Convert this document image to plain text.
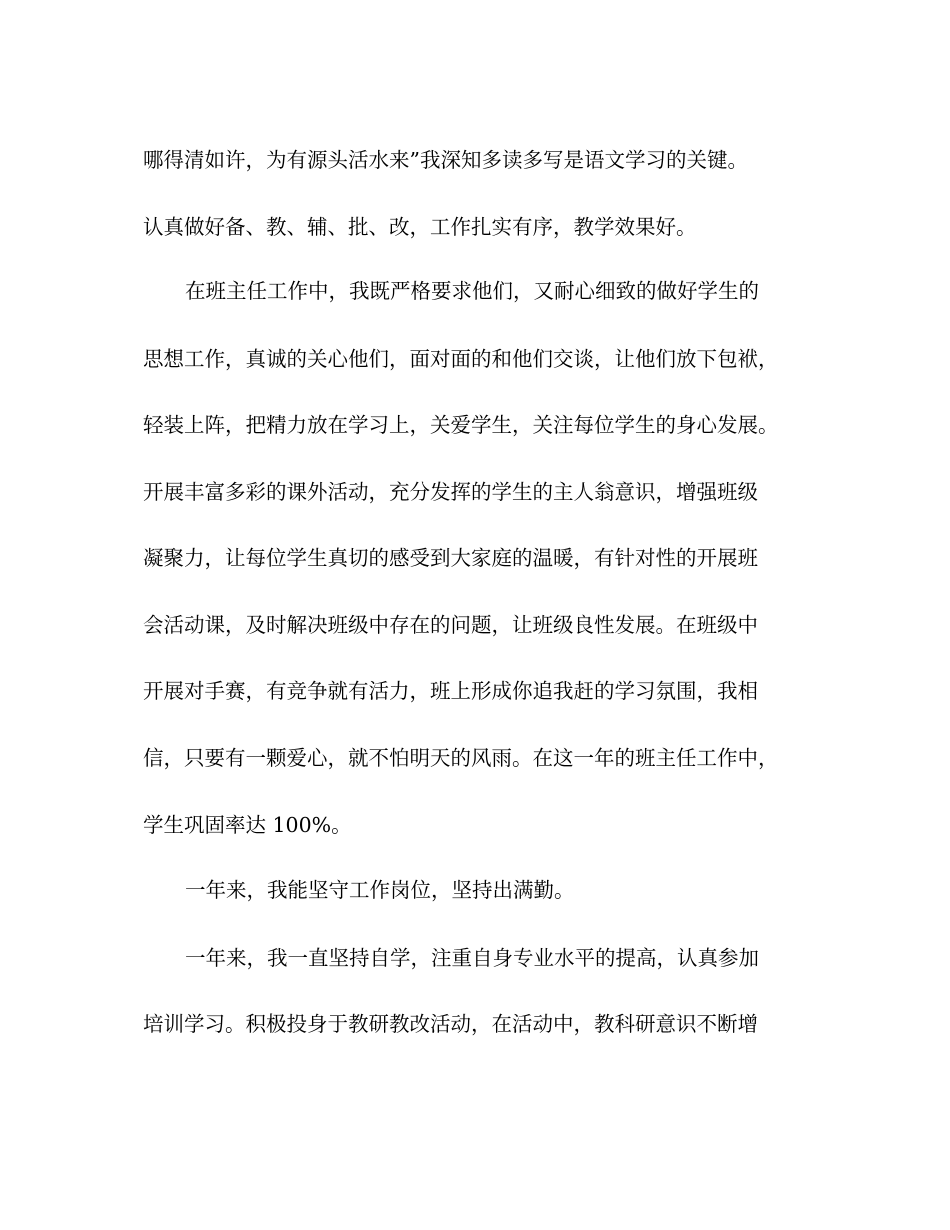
哪得清如许，为有源头活水来”我深知多读多写是语文学习的关键。
认真做好备、教、辅、批、改，工作扎实有序，教学效果好。
在班主任工作中，我既严格要求他们，又耐心细致的做好学生的
思想工作，真诚的关心他们，面对面的和他们交谈，让他们放下包袱，
轻装上阵，把精力放在学习上，关爱学生，关注每位学生的身心发展。
开展丰富多彩的课外活动，充分发挥的学生的主人翁意识，增强班级
凝聚力，让每位学生真切的感受到大家庭的温暖，有针对性的开展班
会活动课，及时解决班级中存在的问题，让班级良性发展。在班级中
开展对手赛，有竞争就有活力，班上形成你追我赶的学习氛围，我相
信，只要有一颗爱心，就不怕明天的风雨。在这一年的班主任工作中，
学生巩固率达 100%。
一年来，我能坚守工作岗位，坚持出满勤。
一年来，我一直坚持自学，注重自身专业水平的提高，认真参加
培训学习。积极投身于教研教改活动，在活动中，教科研意识不断增
